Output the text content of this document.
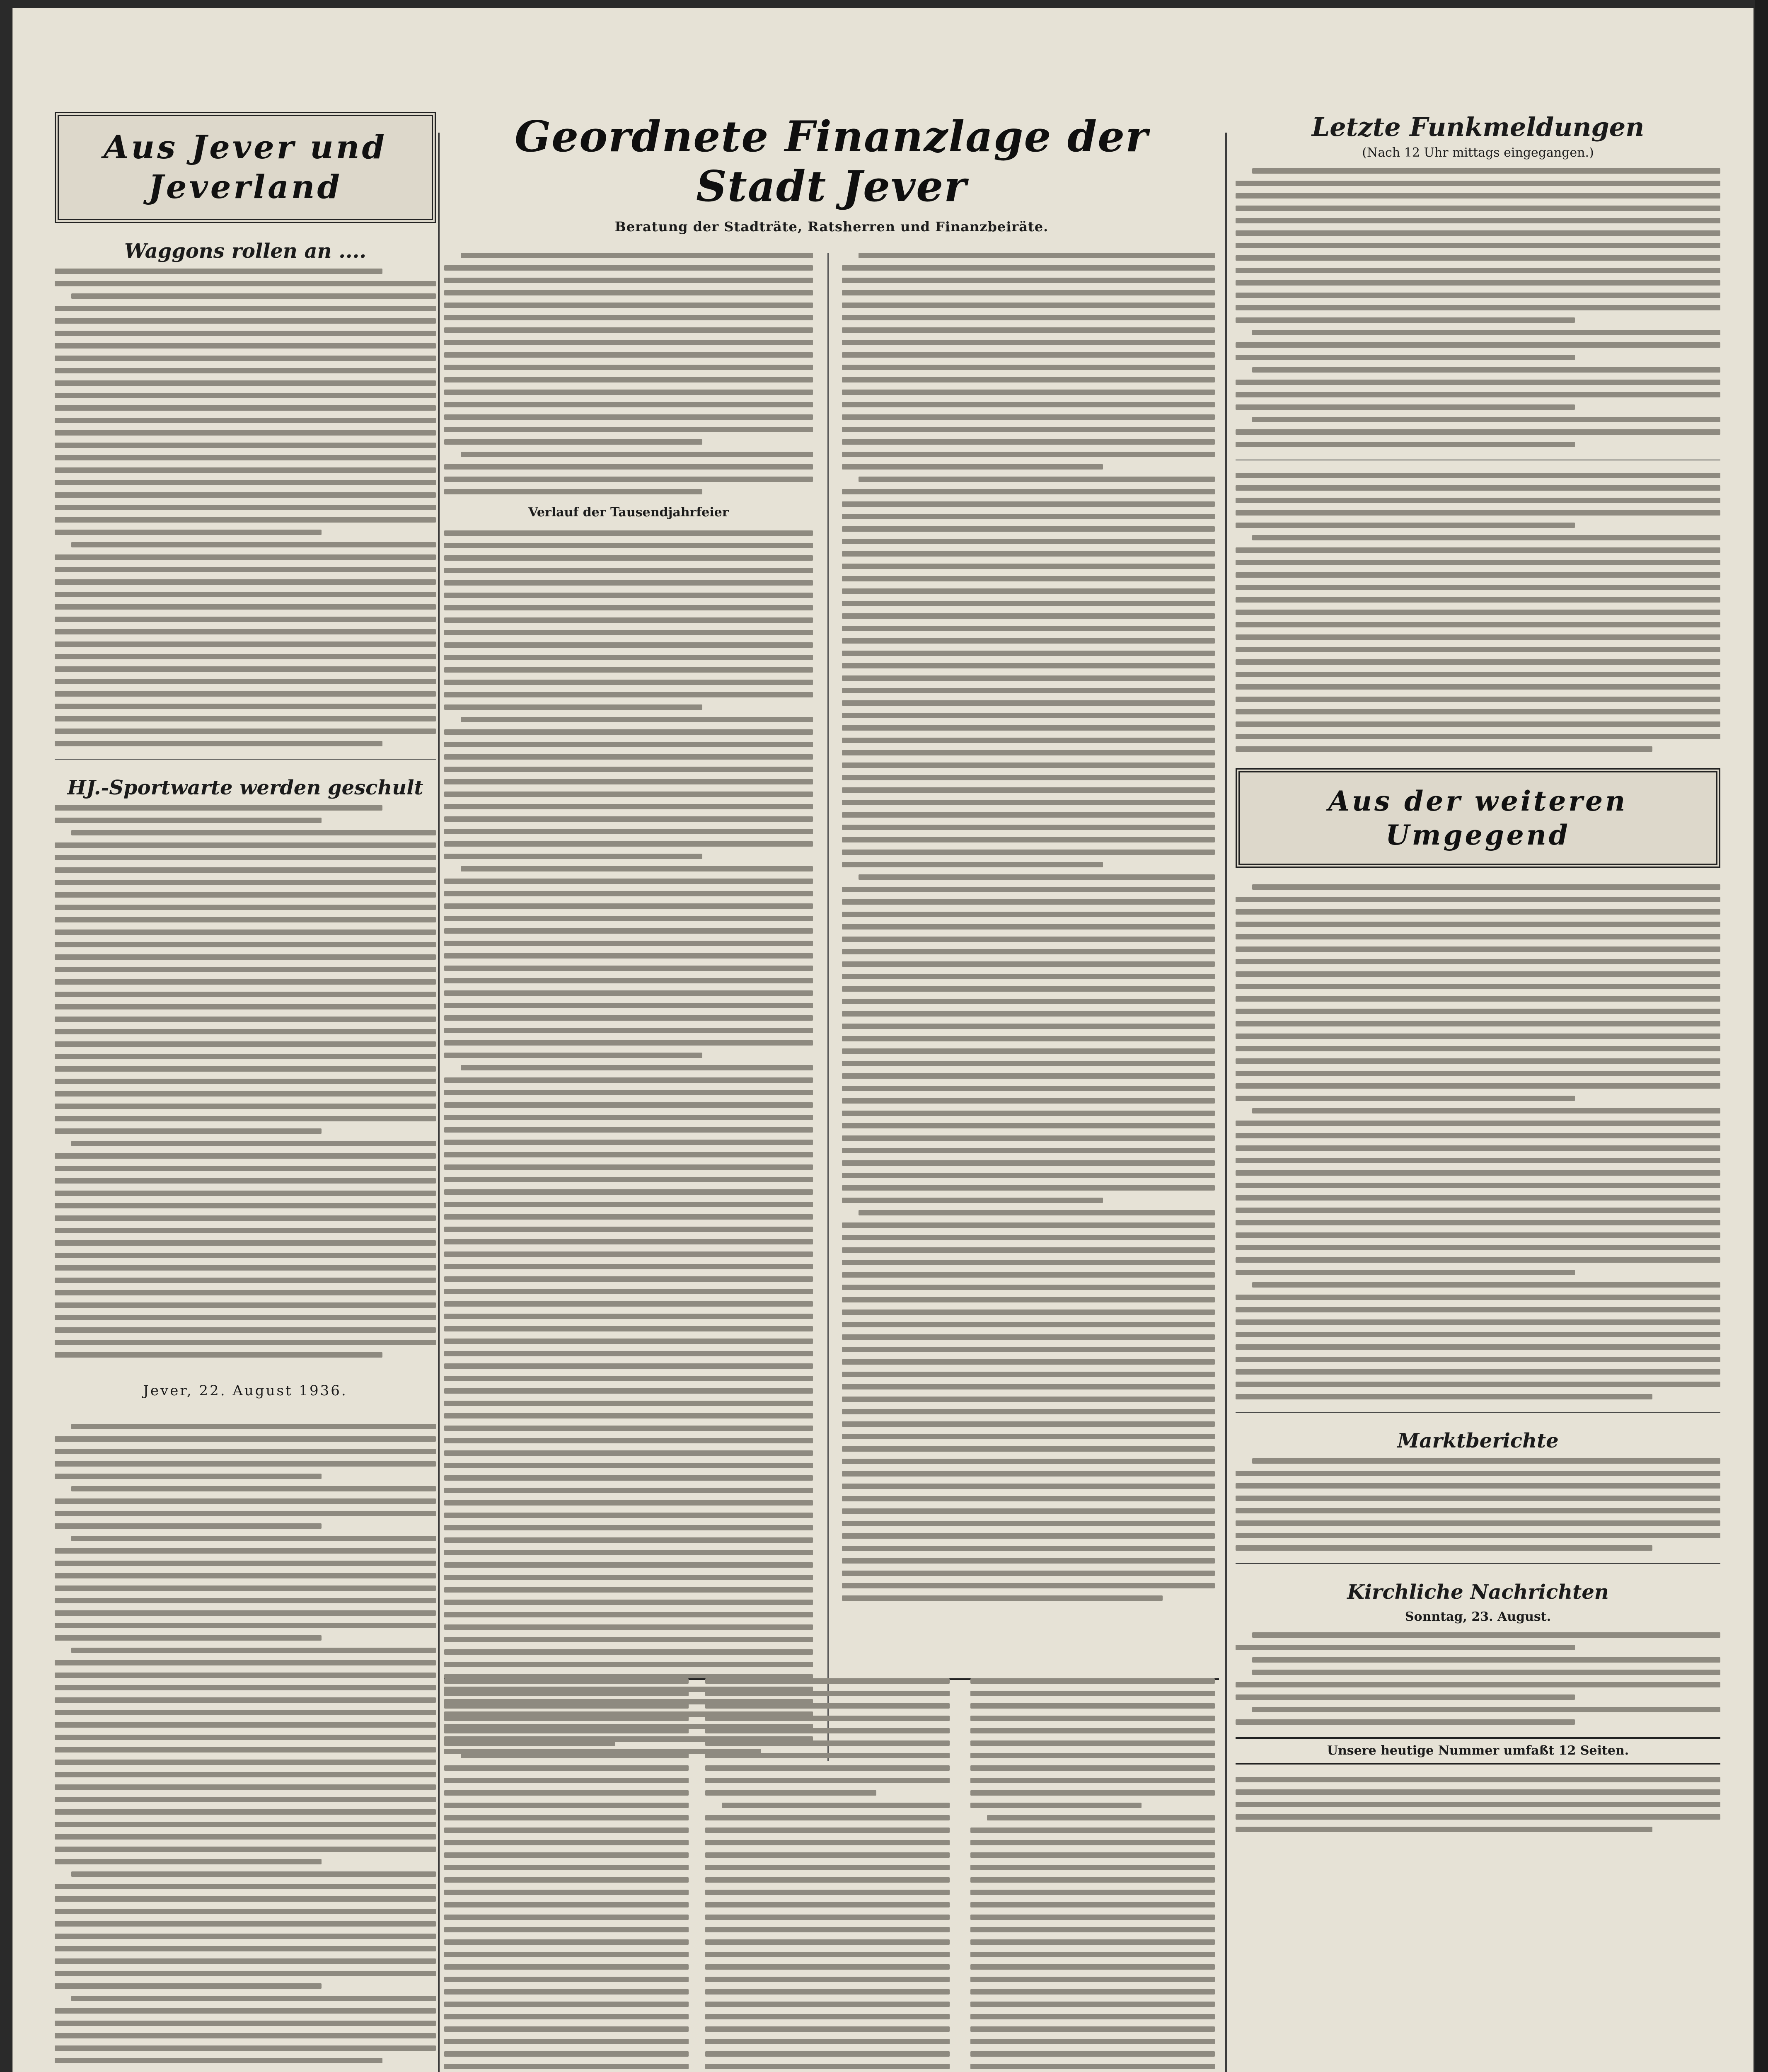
Aus Jever und Jeverland
Waggons rollen an ....
HJ.-Sportwarte werden geschult
Jever, 22. August 1936.
Geordnete Finanzlage der Stadt Jever
Beratung der Stadträte, Ratsherren und Finanzbeiräte.
Verlauf der Tausendjahrfeier
Letzte Funkmeldungen
(Nach 12 Uhr mittags eingegangen.)
Aus der weiteren Umgegend
Marktberichte
Kirchliche Nachrichten
Sonntag, 23. August.
Unsere heutige Nummer umfaßt 12 Seiten.
